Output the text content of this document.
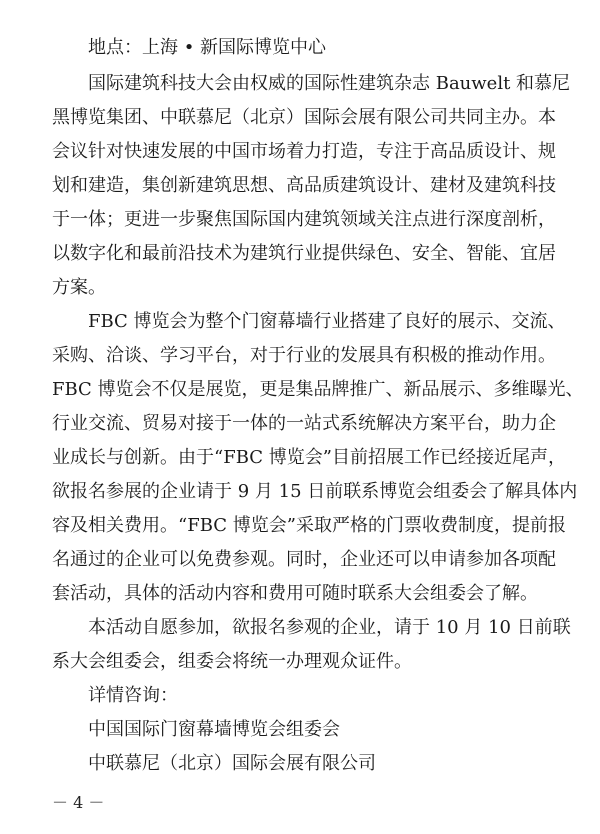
地点：上海 • 新国际博览中心
国际建筑科技大会由权威的国际性建筑杂志 Bauwelt 和慕尼
黑博览集团、中联慕尼（北京）国际会展有限公司共同主办。本
会议针对快速发展的中国市场着力打造，专注于高品质设计、规
划和建造，集创新建筑思想、高品质建筑设计、建材及建筑科技
于一体；更进一步聚焦国际国内建筑领域关注点进行深度剖析，
以数字化和最前沿技术为建筑行业提供绿色、安全、智能、宜居
方案。
FBC 博览会为整个门窗幕墙行业搭建了良好的展示、交流、
采购、洽谈、学习平台，对于行业的发展具有积极的推动作用。
FBC 博览会不仅是展览，更是集品牌推广、新品展示、多维曝光、
行业交流、贸易对接于一体的一站式系统解决方案平台，助力企
业成长与创新。由于“FBC 博览会”目前招展工作已经接近尾声，
欲报名参展的企业请于 9 月 15 日前联系博览会组委会了解具体内
容及相关费用。“FBC 博览会”采取严格的门票收费制度，提前报
名通过的企业可以免费参观。同时，企业还可以申请参加各项配
套活动，具体的活动内容和费用可随时联系大会组委会了解。
本活动自愿参加，欲报名参观的企业，请于 10 月 10 日前联
系大会组委会，组委会将统一办理观众证件。
详情咨询：
中国国际门窗幕墙博览会组委会
中联慕尼（北京）国际会展有限公司
－ 4 －
